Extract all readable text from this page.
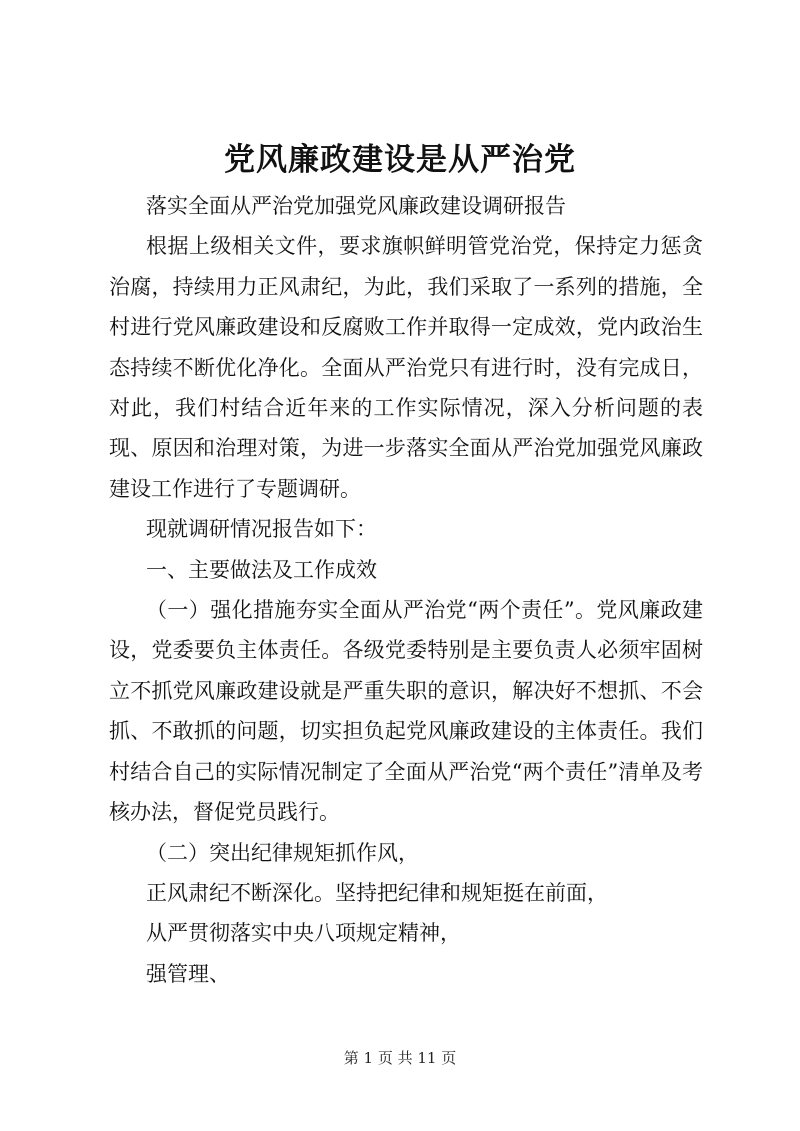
党风廉政建设是从严治党

落实全面从严治党加强党风廉政建设调研报告

根据上级相关文件，要求旗帜鲜明管党治党，保持定力惩贪治腐，持续用力正风肃纪，为此，我们采取了一系列的措施，全村进行党风廉政建设和反腐败工作并取得一定成效，党内政治生态持续不断优化净化。全面从严治党只有进行时，没有完成日，对此，我们村结合近年来的工作实际情况，深入分析问题的表现、原因和治理对策，为进一步落实全面从严治党加强党风廉政建设工作进行了专题调研。

现就调研情况报告如下：

一、主要做法及工作成效

（一）强化措施夯实全面从严治党“两个责任”。党风廉政建设，党委要负主体责任。各级党委特别是主要负责人必须牢固树立不抓党风廉政建设就是严重失职的意识，解决好不想抓、不会抓、不敢抓的问题，切实担负起党风廉政建设的主体责任。我们村结合自己的实际情况制定了全面从严治党“两个责任”清单及考核办法，督促党员践行。

（二）突出纪律规矩抓作风，

正风肃纪不断深化。坚持把纪律和规矩挺在前面，

从严贯彻落实中央八项规定精神，

强管理、

第 1 页 共 11 页
